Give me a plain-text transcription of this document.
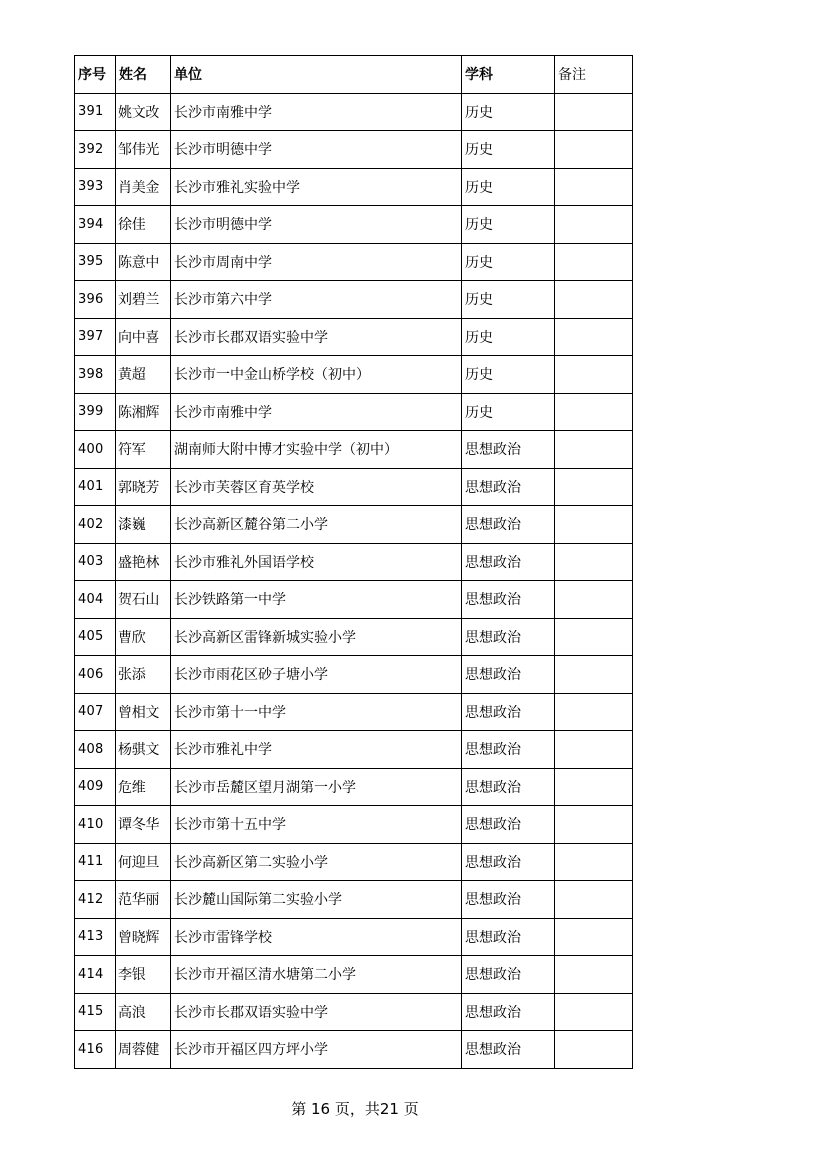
序号	姓名	单位	学科	备注
391	姚文改	长沙市南雅中学	历史	
392	邹伟光	长沙市明德中学	历史	
393	肖美金	长沙市雅礼实验中学	历史	
394	徐佳	长沙市明德中学	历史	
395	陈意中	长沙市周南中学	历史	
396	刘碧兰	长沙市第六中学	历史	
397	向中喜	长沙市长郡双语实验中学	历史	
398	黄超	长沙市一中金山桥学校（初中）	历史	
399	陈湘辉	长沙市南雅中学	历史	
400	符军	湖南师大附中博才实验中学（初中）	思想政治	
401	郭晓芳	长沙市芙蓉区育英学校	思想政治	
402	漆巍	长沙高新区麓谷第二小学	思想政治	
403	盛艳林	长沙市雅礼外国语学校	思想政治	
404	贺石山	长沙铁路第一中学	思想政治	
405	曹欣	长沙高新区雷锋新城实验小学	思想政治	
406	张添	长沙市雨花区砂子塘小学	思想政治	
407	曾相文	长沙市第十一中学	思想政治	
408	杨骐文	长沙市雅礼中学	思想政治	
409	危维	长沙市岳麓区望月湖第一小学	思想政治	
410	谭冬华	长沙市第十五中学	思想政治	
411	何迎旦	长沙高新区第二实验小学	思想政治	
412	范华丽	长沙麓山国际第二实验小学	思想政治	
413	曾晓辉	长沙市雷锋学校	思想政治	
414	李银	长沙市开福区清水塘第二小学	思想政治	
415	高浪	长沙市长郡双语实验中学	思想政治	
416	周蓉健	长沙市开福区四方坪小学	思想政治	
第 16 页，共21 页
